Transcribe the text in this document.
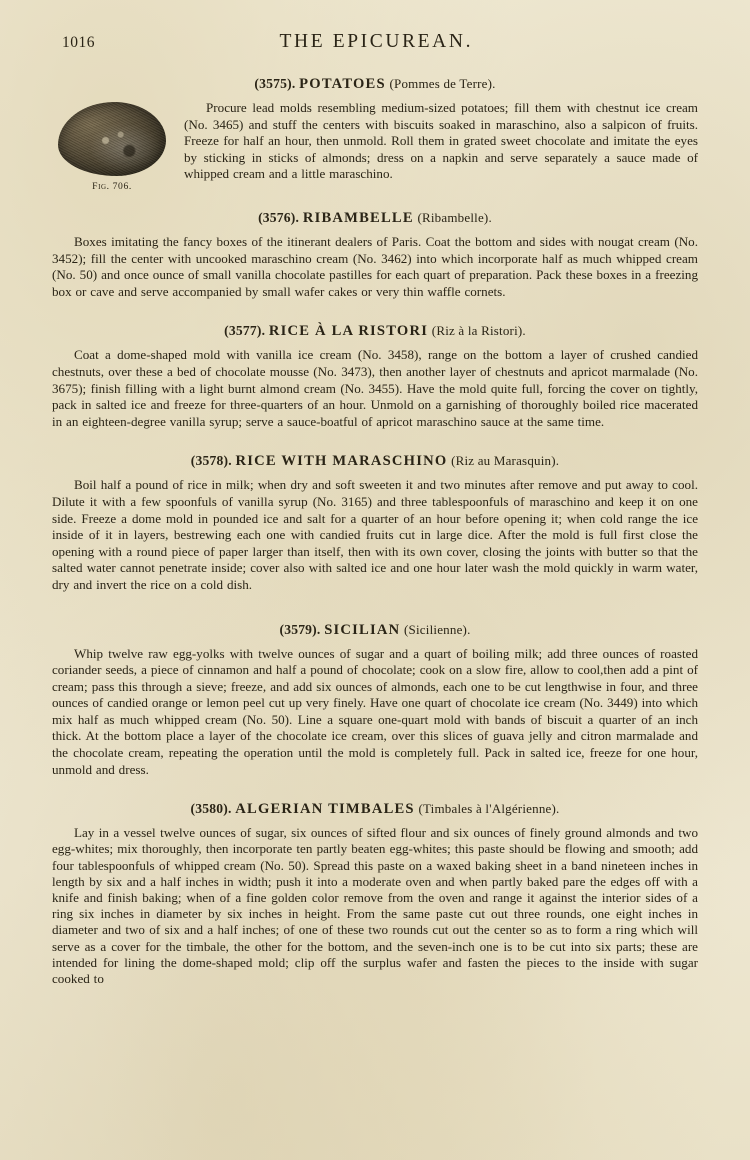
1016	THE EPICUREAN.
(3575). POTATOES (Pommes de Terre).
Fig. 706.

Procure lead molds resembling medium-sized potatoes; fill them with chestnut ice cream (No. 3465) and stuff the centers with biscuits soaked in maraschino, also a salpicon of fruits. Freeze for half an hour, then unmold. Roll them in grated sweet chocolate and imitate the eyes by sticking in sticks of almonds; dress on a napkin and serve separately a sauce made of whipped cream and a little maraschino.

(3576). RIBAMBELLE (Ribambelle).

Boxes imitating the fancy boxes of the itinerant dealers of Paris. Coat the bottom and sides with nougat cream (No. 3452); fill the center with uncooked maraschino cream (No. 3462) into which incorporate half as much whipped cream (No. 50) and once ounce of small vanilla chocolate pastilles for each quart of preparation. Pack these boxes in a freezing box or cave and serve accompanied by small wafer cakes or very thin waffle cornets.

(3577). RICE À LA RISTORI (Riz à la Ristori).

Coat a dome-shaped mold with vanilla ice cream (No. 3458), range on the bottom a layer of crushed candied chestnuts, over these a bed of chocolate mousse (No. 3473), then another layer of chestnuts and apricot marmalade (No. 3675); finish filling with a light burnt almond cream (No. 3455). Have the mold quite full, forcing the cover on tightly, pack in salted ice and freeze for three-quarters of an hour. Unmold on a garnishing of thoroughly boiled rice macerated in an eighteen-degree vanilla syrup; serve a sauce-boatful of apricot maraschino sauce at the same time.

(3578). RICE WITH MARASCHINO (Riz au Marasquin).

Boil half a pound of rice in milk; when dry and soft sweeten it and two minutes after remove and put away to cool. Dilute it with a few spoonfuls of vanilla syrup (No. 3165) and three tablespoonfuls of maraschino and keep it on one side. Freeze a dome mold in pounded ice and salt for a quarter of an hour before opening it; when cold range the ice inside of it in layers, bestrewing each one with candied fruits cut in large dice. After the mold is full first close the opening with a round piece of paper larger than itself, then with its own cover, closing the joints with butter so that the salted water cannot penetrate inside; cover also with salted ice and one hour later wash the mold quickly in warm water, dry and invert the rice on a cold dish.

(3579). SICILIAN (Sicilienne).

Whip twelve raw egg-yolks with twelve ounces of sugar and a quart of boiling milk; add three ounces of roasted coriander seeds, a piece of cinnamon and half a pound of chocolate; cook on a slow fire, allow to cool,then add a pint of cream; pass this through a sieve; freeze, and add six ounces of almonds, each one to be cut lengthwise in four, and three ounces of candied orange or lemon peel cut up very finely. Have one quart of chocolate ice cream (No. 3449) into which mix half as much whipped cream (No. 50). Line a square one-quart mold with bands of biscuit a quarter of an inch thick. At the bottom place a layer of the chocolate ice cream, over this slices of guava jelly and citron marmalade and the chocolate cream, repeating the operation until the mold is completely full. Pack in salted ice, freeze for one hour, unmold and dress.

(3580). ALGERIAN TIMBALES (Timbales à l'Algérienne).

Lay in a vessel twelve ounces of sugar, six ounces of sifted flour and six ounces of finely ground almonds and two egg-whites; mix thoroughly, then incorporate ten partly beaten egg-whites; this paste should be flowing and smooth; add four tablespoonfuls of whipped cream (No. 50). Spread this paste on a waxed baking sheet in a band nineteen inches in length by six and a half inches in width; push it into a moderate oven and when partly baked pare the edges off with a knife and finish baking; when of a fine golden color remove from the oven and range it against the interior sides of a ring six inches in diameter by six inches in height. From the same paste cut out three rounds, one eight inches in diameter and two of six and a half inches; of one of these two rounds cut out the center so as to form a ring which will serve as a cover for the timbale, the other for the bottom, and the seven-inch one is to be cut into six parts; these are intended for lining the dome-shaped mold; clip off the surplus wafer and fasten the pieces to the inside with sugar cooked to
